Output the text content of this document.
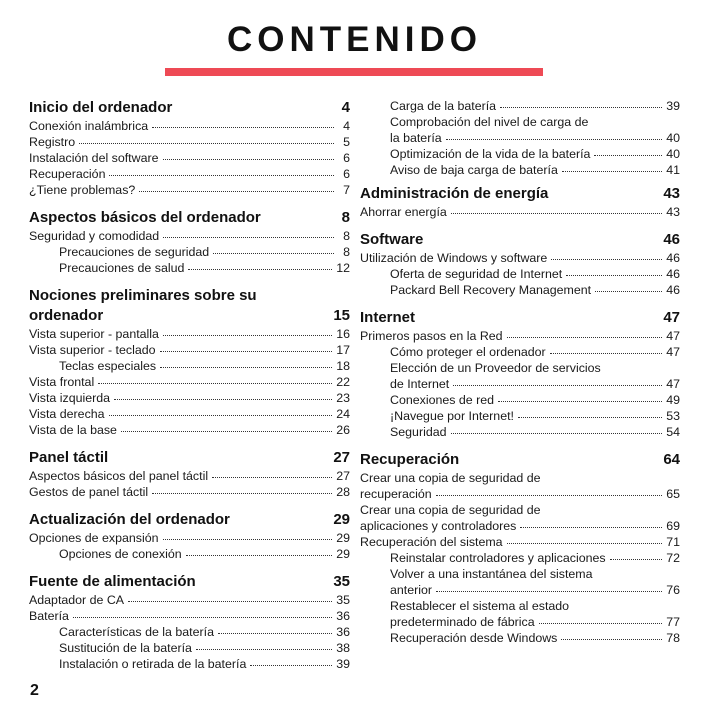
CONTENIDO
Inicio del ordenador	4
Conexión inalámbrica	4
Registro	5
Instalación del software	6
Recuperación	6
¿Tiene problemas?	7
Aspectos básicos del ordenador	8
Seguridad y comodidad	8
Precauciones de seguridad	8
Precauciones de salud	12
Nociones preliminares sobre su
ordenador	15
Vista superior - pantalla	16
Vista superior - teclado	17
Teclas especiales	18
Vista frontal	22
Vista izquierda	23
Vista derecha	24
Vista de la base	26
Panel táctil	27
Aspectos básicos del panel táctil	27
Gestos de panel táctil	28
Actualización del ordenador	29
Opciones de expansión	29
Opciones de conexión	29
Fuente de alimentación	35
Adaptador de CA	35
Batería	36
Características de la batería	36
Sustitución de la batería	38
Instalación o retirada de la batería	39
Carga de la batería	39
Comprobación del nivel de carga de
la batería	40
Optimización de la vida de la batería	40
Aviso de baja carga de batería	41
Administración de energía	43
Ahorrar energía	43
Software	46
Utilización de Windows y software	46
Oferta de seguridad de Internet	46
Packard Bell Recovery Management	46
Internet	47
Primeros pasos en la Red	47
Cómo proteger el ordenador	47
Elección de un Proveedor de servicios
de Internet	47
Conexiones de red	49
¡Navegue por Internet!	53
Seguridad	54
Recuperación	64
Crear una copia de seguridad de
recuperación	65
Crear una copia de seguridad de
aplicaciones y controladores	69
Recuperación del sistema	71
Reinstalar controladores y aplicaciones	72
Volver a una instantánea del sistema
anterior	76
Restablecer el sistema al estado
predeterminado de fábrica	77
Recuperación desde Windows	78
2
